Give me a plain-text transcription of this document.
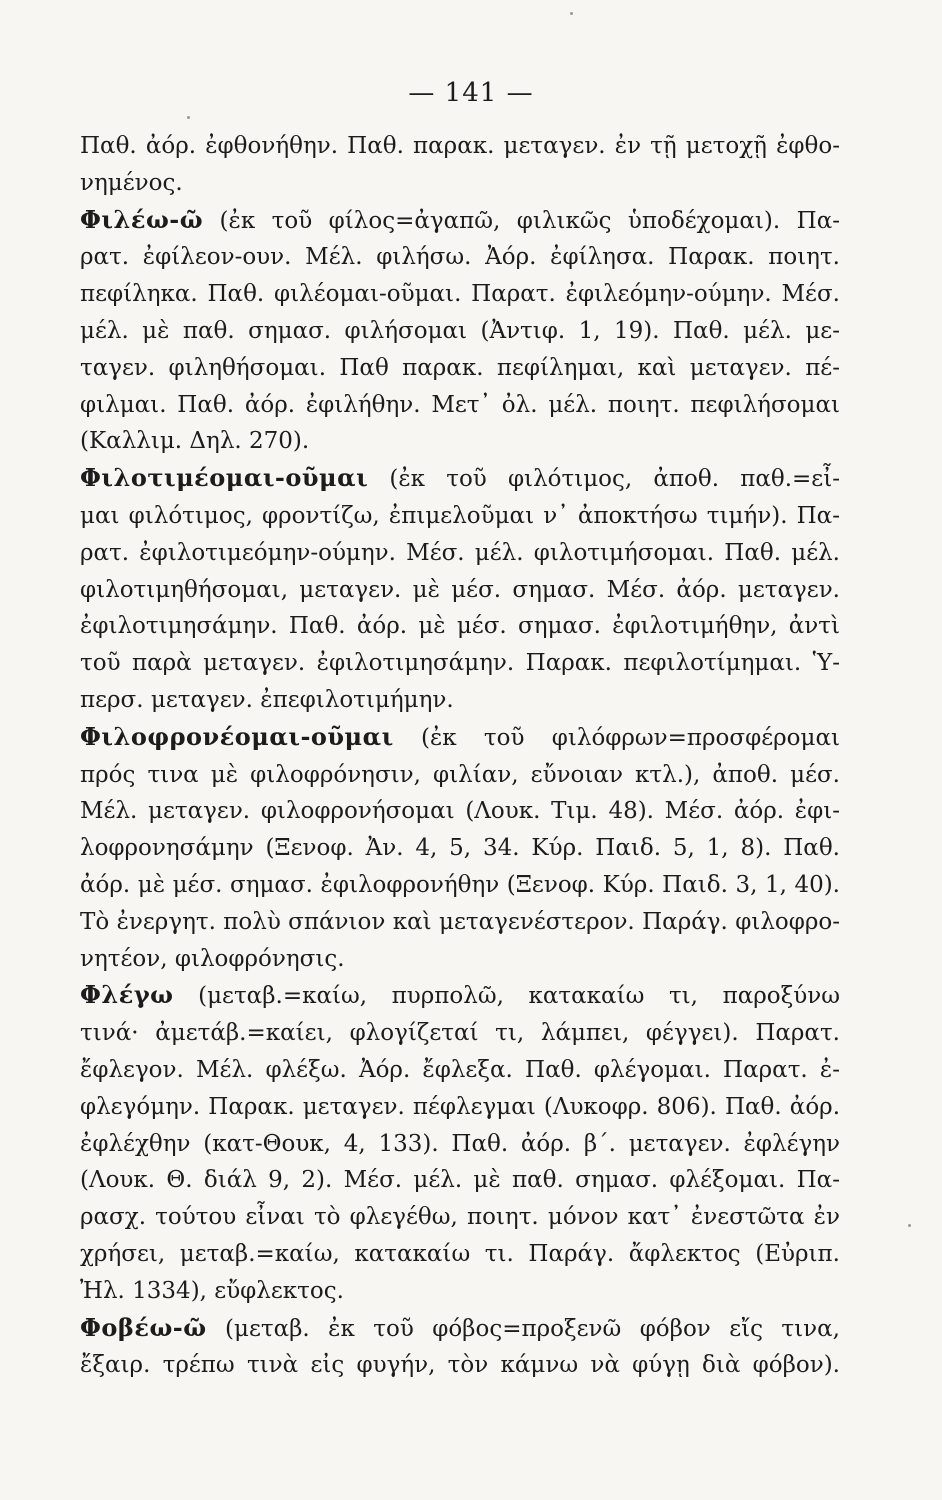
— 141 —
Παθ. ἀόρ. ἐφθονήθην. Παθ. παρακ. μεταγεν. ἐν τῇ μετοχῇ ἐφθο-
νημένος.
Φιλέω-ῶ (ἐκ τοῦ φίλος=ἀγαπῶ, φιλικῶς ὑποδέχομαι). Πα-
ρατ. ἐφίλεον-ουν. Μέλ. φιλήσω. Ἀόρ. ἐφίλησα. Παρακ. ποιητ.
πεφίληκα. Παθ. φιλέομαι-οῦμαι. Παρατ. ἐφιλεόμην-ούμην. Μέσ.
μέλ. μὲ παθ. σημασ. φιλήσομαι (Ἀντιφ. 1, 19). Παθ. μέλ. με-
ταγεν. φιληθήσομαι. Παθ παρακ. πεφίλημαι, καὶ μεταγεν. πέ-
φιλμαι. Παθ. ἀόρ. ἐφιλήθην. Μετ᾽ ὀλ. μέλ. ποιητ. πεφιλήσομαι
(Καλλιμ. Δηλ. 270).
Φιλοτιμέομαι-οῦμαι (ἐκ τοῦ φιλότιμος, ἀποθ. παθ.=εἶ-
μαι φιλότιμος, φροντίζω, ἐπιμελοῦμαι ν᾽ ἀποκτήσω τιμήν). Πα-
ρατ. ἐφιλοτιμεόμην-ούμην. Μέσ. μέλ. φιλοτιμήσομαι. Παθ. μέλ.
φιλοτιμηθήσομαι, μεταγεν. μὲ μέσ. σημασ. Μέσ. ἀόρ. μεταγεν.
ἐφιλοτιμησάμην. Παθ. ἀόρ. μὲ μέσ. σημασ. ἐφιλοτιμήθην, ἀντὶ
τοῦ παρὰ μεταγεν. ἐφιλοτιμησάμην. Παρακ. πεφιλοτίμημαι. Ὑ-
περσ. μεταγεν. ἐπεφιλοτιμήμην.
Φιλοφρονέομαι-οῦμαι (ἐκ τοῦ φιλόφρων=προσφέρομαι
πρός τινα μὲ φιλοφρόνησιν, φιλίαν, εὔνοιαν κτλ.), ἀποθ. μέσ.
Μέλ. μεταγεν. φιλοφρονήσομαι (Λουκ. Τιμ. 48). Μέσ. ἀόρ. ἐφι-
λοφρονησάμην (Ξενοφ. Ἀν. 4, 5, 34. Κύρ. Παιδ. 5, 1, 8). Παθ.
ἀόρ. μὲ μέσ. σημασ. ἐφιλοφρονήθην (Ξενοφ. Κύρ. Παιδ. 3, 1, 40).
Τὸ ἐνεργητ. πολὺ σπάνιον καὶ μεταγενέστερον. Παράγ. φιλοφρο-
νητέον, φιλοφρόνησις.
Φλέγω (μεταβ.=καίω, πυρπολῶ, κατακαίω τι, παροξύνω
τινά· ἀμετάβ.=καίει, φλογίζεταί τι, λάμπει, φέγγει). Παρατ.
ἔφλεγον. Μέλ. φλέξω. Ἀόρ. ἔφλεξα. Παθ. φλέγομαι. Παρατ. ἐ-
φλεγόμην. Παρακ. μεταγεν. πέφλεγμαι (Λυκοφρ. 806). Παθ. ἀόρ.
ἐφλέχθην (κατ-Θουκ, 4, 133). Παθ. ἀόρ. β΄. μεταγεν. ἐφλέγην
(Λουκ. Θ. διάλ 9, 2). Μέσ. μέλ. μὲ παθ. σημασ. φλέξομαι. Πα-
ρασχ. τούτου εἶναι τὸ φλεγέθω, ποιητ. μόνον κατ᾽ ἐνεστῶτα ἐν
χρήσει, μεταβ.=καίω, κατακαίω τι. Παράγ. ἄφλεκτος (Εὐριπ.
Ἠλ. 1334), εὔφλεκτος.
Φοβέω-ῶ (μεταβ. ἐκ τοῦ φόβος=προξενῶ φόβον εἴς τινα,
ἔξαιρ. τρέπω τινὰ εἰς φυγήν, τὸν κάμνω νὰ φύγῃ διὰ φόβον).
